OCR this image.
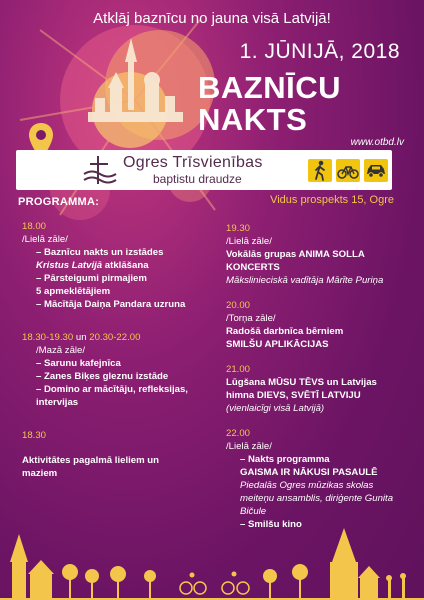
Atklāj baznīcu no jauna visā Latvijā!
1. JŪNIJĀ, 2018
BAZNĪCU
NAKTS
www.otbd.lv
Ogres Trīsvienības
baptistu draudze
Vidus prospekts 15, Ogre
PROGRAMMA:
18.00
/Lielā zāle/
– Baznīcu nakts un izstādes
Kristus Latvijā atklāšana
– Pārsteigumi pirmajiem
5 apmeklētājiem
– Mācītāja Daiņa Pandara uzruna
18.30-19.30 un 20.30-22.00
/Mazā zāle/
– Sarunu kafejnīca
– Zanes Biķes gleznu izstāde
– Domino ar mācītāju, refleksijas,
intervijas
18.30
Aktivitātes pagalmā lieliem un
maziem
19.30
/Lielā zāle/
Vokālās grupas ANIMA SOLLA
KONCERTS
Mākslinieciskā vadītāja Mārīte Puriņa
20.00
/Torņa zāle/
Radošā darbnīca bērniem
SMILŠU APLIKĀCIJAS
21.00
Lūgšana MŪSU TĒVS un Latvijas
himna DIEVS, SVĒTĪ LATVIJU
(vienlaicīgi visā Latvijā)
22.00
/Lielā zāle/
– Nakts programma
GAISMA IR NĀKUSI PASAULĒ
Piedalās Ogres mūzikas skolas
meiteņu ansamblis, diriģente Gunita
Bičule
– Smilšu kino
